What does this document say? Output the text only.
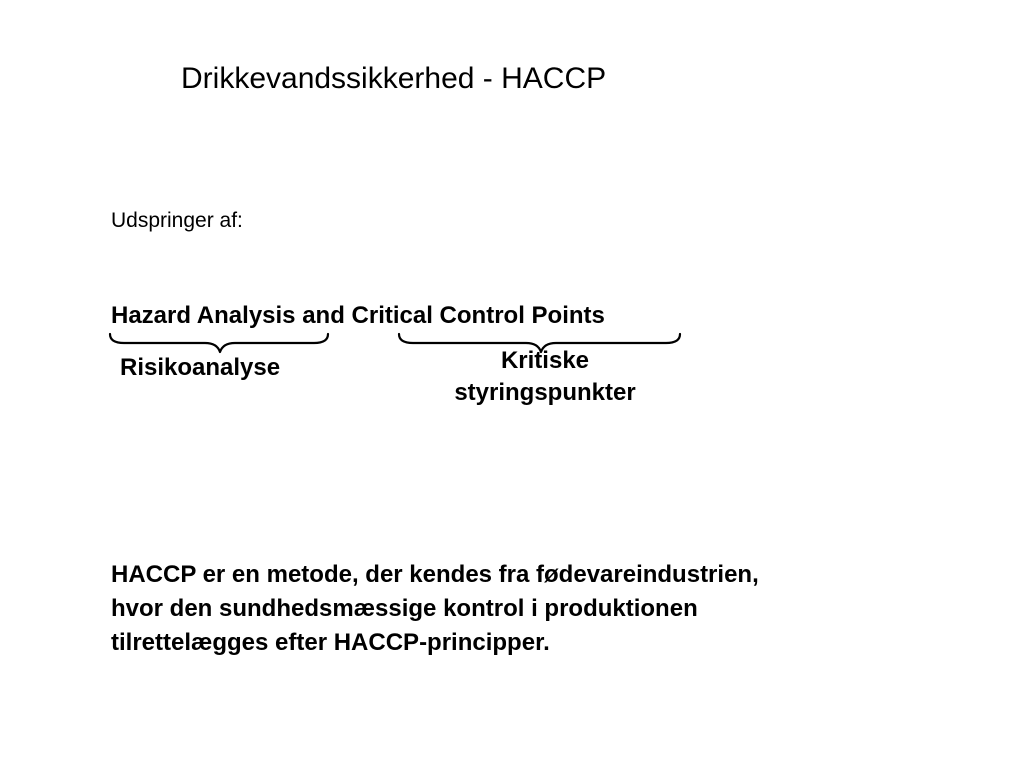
Drikkevandssikkerhed - HACCP
Udspringer af:
Hazard Analysis and Critical Control Points
Risikoanalyse	Kritiske
styringspunkter
HACCP er en metode, der kendes fra fødevareindustrien,
hvor den sundhedsmæssige kontrol i produktionen
tilrettelægges efter HACCP-principper.
